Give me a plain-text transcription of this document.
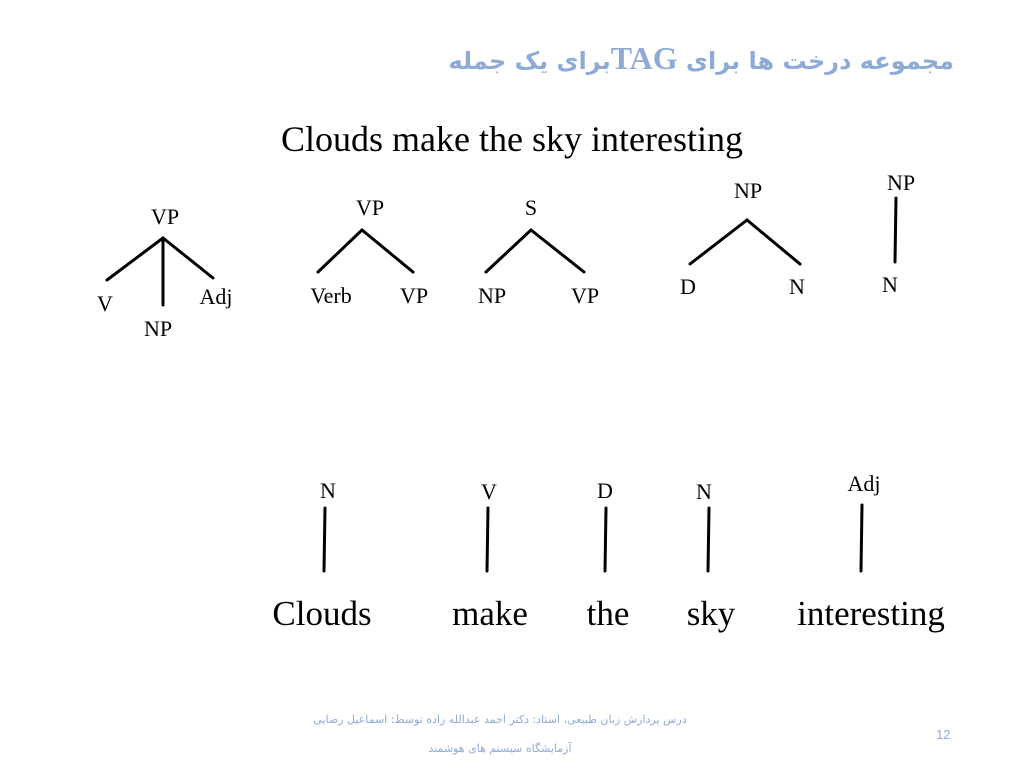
مجموعه درخت ها برای TAGبرای یک جمله
Clouds make the sky interesting
VP
V
NP
Adj
VP
Verb VP
S
NP	VP
NP
D	N
NP
N
N	V	D	N	Adj
Clouds make the sky interesting
درس پردازش زبان طبیعی، استاد: دکتر احمد عبدالله زاده توسط: اسماعیل رضایی
آزمایشگاه سیستم های هوشمند
12
